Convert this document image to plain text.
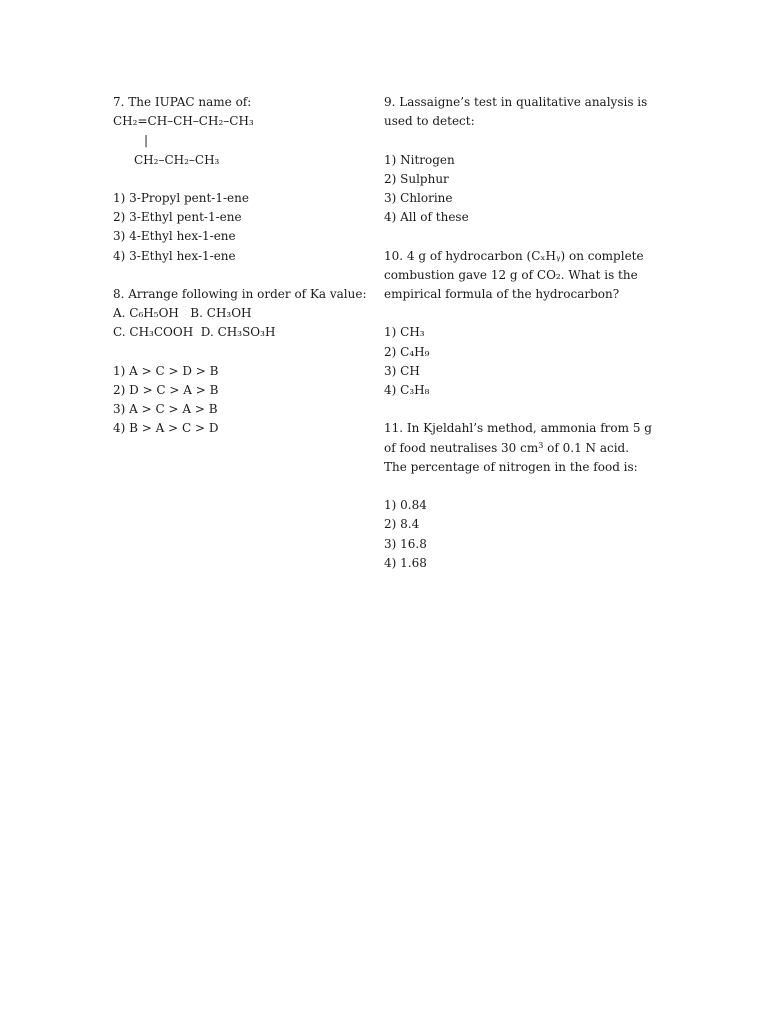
7. The IUPAC name of:
CH₂=CH–CH–CH₂–CH₃
|
CH₂–CH₂–CH₃
1) 3-Propyl pent-1-ene
2) 3-Ethyl pent-1-ene
3) 4-Ethyl hex-1-ene
4) 3-Ethyl hex-1-ene
8. Arrange following in order of Ka value:
A. C₆H₅OH   B. CH₃OH
C. CH₃COOH  D. CH₃SO₃H
1) A > C > D > B
2) D > C > A > B
3) A > C > A > B
4) B > A > C > D
9. Lassaigne’s test in qualitative analysis is
used to detect:
1) Nitrogen
2) Sulphur
3) Chlorine
4) All of these
10. 4 g of hydrocarbon (CₓHᵧ) on complete
combustion gave 12 g of CO₂. What is the
empirical formula of the hydrocarbon?
1) CH₃
2) C₄H₉
3) CH
4) C₃H₈
11. In Kjeldahl’s method, ammonia from 5 g
of food neutralises 30 $cm^3$ of 0.1 N acid.
The percentage of nitrogen in the food is:
1) 0.84
2) 8.4
3) 16.8
4) 1.68
